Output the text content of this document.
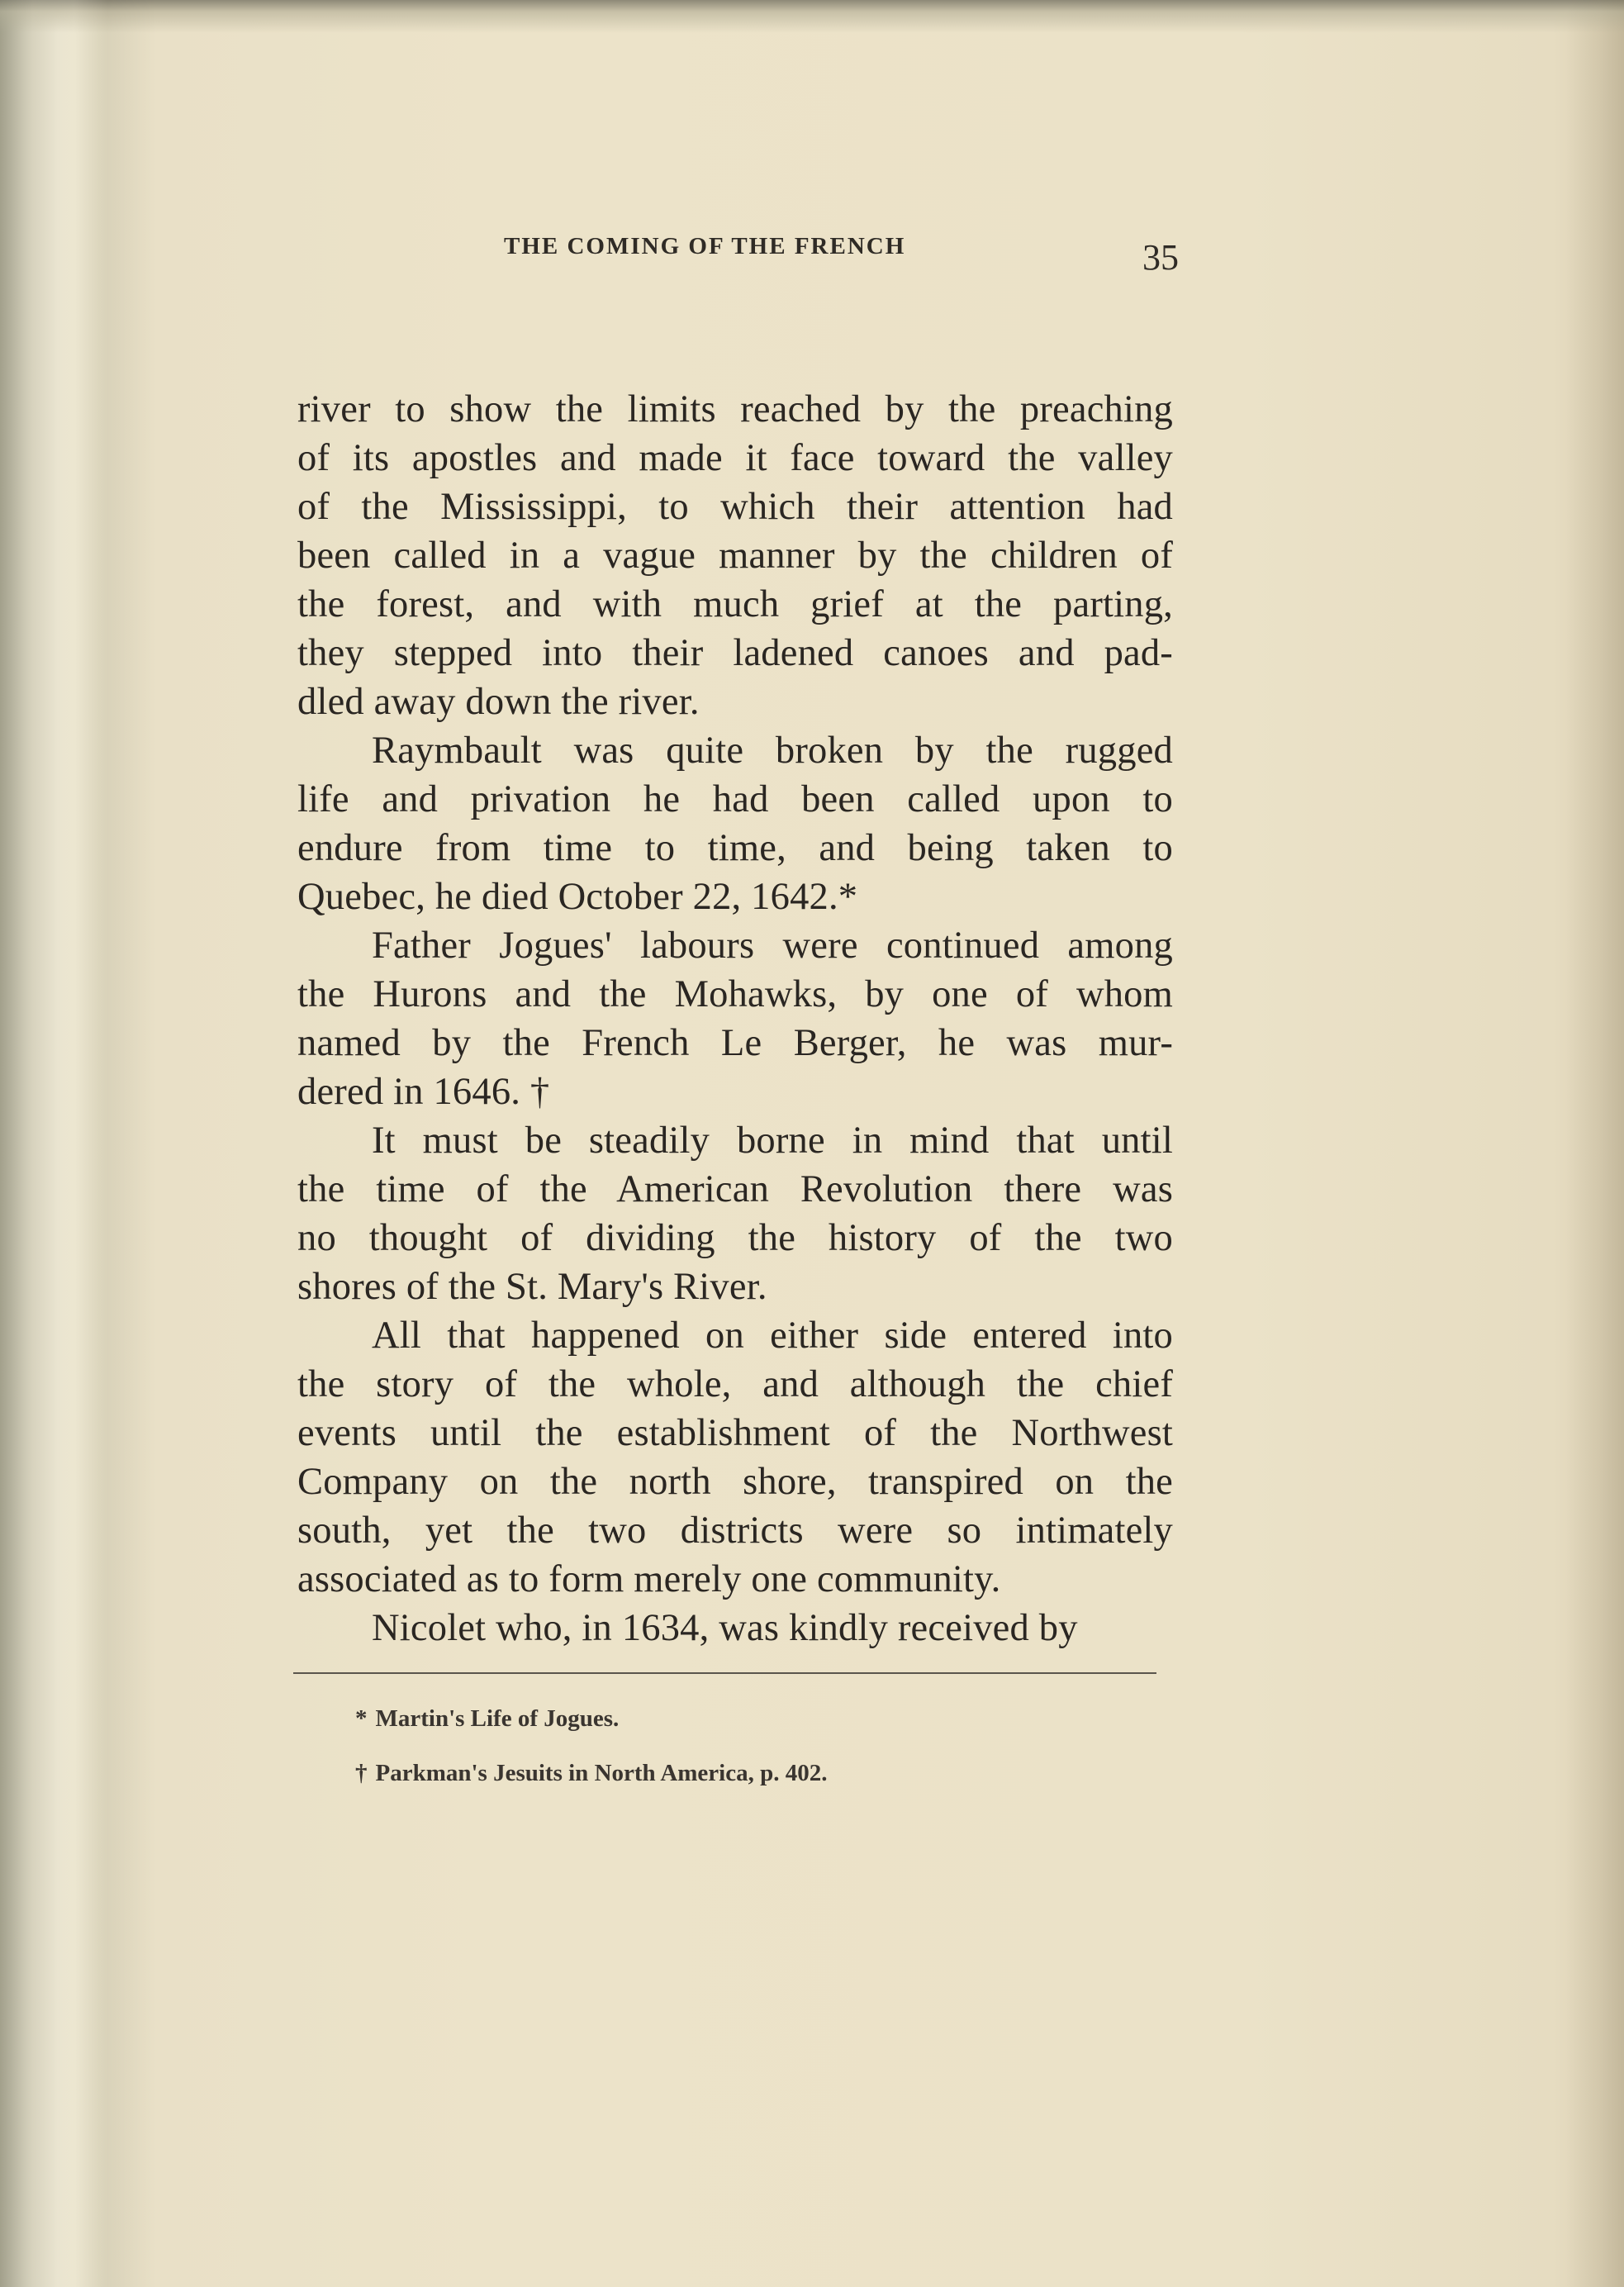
THE COMING OF THE FRENCH	35
river to show the limits reached by the preaching
of its apostles and made it face toward the valley
of the Mississippi, to which their attention had
been called in a vague manner by the children of
the forest, and with much grief at the parting,
they stepped into their ladened canoes and pad-
dled away down the river.
Raymbault was quite broken by the rugged
life and privation he had been called upon to
endure from time to time, and being taken to
Quebec, he died October 22, 1642.*
Father Jogues' labours were continued among
the Hurons and the Mohawks, by one of whom
named by the French Le Berger, he was mur-
dered in 1646. †
It must be steadily borne in mind that until
the time of the American Revolution there was
no thought of dividing the history of the two
shores of the St. Mary's River.
All that happened on either side entered into
the story of the whole, and although the chief
events until the establishment of the Northwest
Company on the north shore, transpired on the
south, yet the two districts were so intimately
associated as to form merely one community.
Nicolet who, in 1634, was kindly received by
* Martin's Life of Jogues.
† Parkman's Jesuits in North America, p. 402.
